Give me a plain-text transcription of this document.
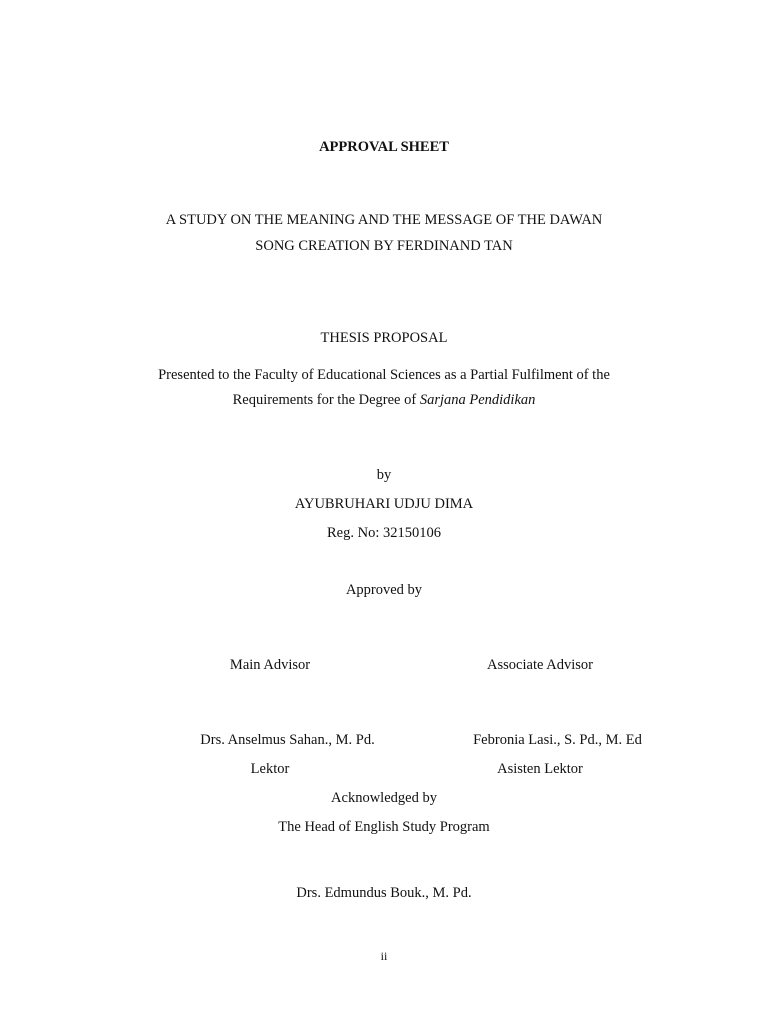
APPROVAL SHEET
A STUDY ON THE MEANING AND THE MESSAGE OF THE DAWAN
SONG CREATION BY FERDINAND TAN
THESIS PROPOSAL
Presented to the Faculty of Educational Sciences as a Partial Fulfilment of the
Requirements for the Degree of Sarjana Pendidikan
by
AYUBRUHARI UDJU DIMA
Reg. No: 32150106
Approved by
Main Advisor
Drs. Anselmus Sahan., M. Pd.
Lektor
Associate Advisor
Febronia Lasi., S. Pd., M. Ed
Asisten Lektor
Acknowledged by
The Head of English Study Program
Drs. Edmundus Bouk., M. Pd.
ii
